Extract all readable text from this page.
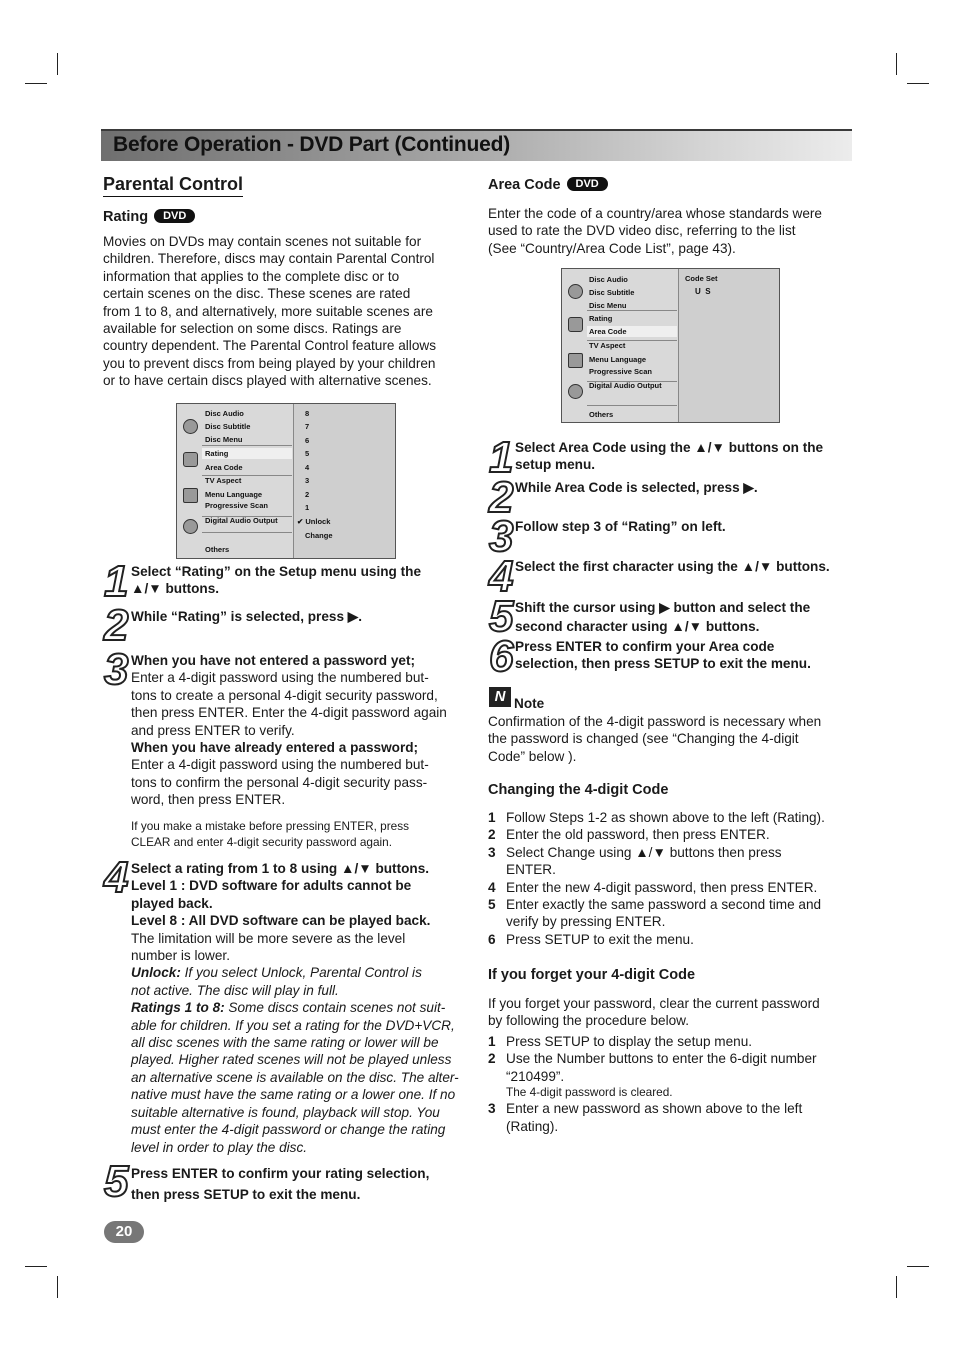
Before Operation - DVD Part (Continued)
Parental Control
Rating DVD
Movies on DVDs may contain scenes not suitable for
children. Therefore, discs may contain Parental Control
information that applies to the complete disc or to
certain scenes on the disc. These scenes are rated
from 1 to 8, and alternatively, more suitable scenes are
available for selection on some discs. Ratings are
country dependent. The Parental Control feature allows
you to prevent discs from being played by your children
or to have certain discs played with alternative scenes.
Disc Audio
Disc Subtitle
Disc Menu
Rating
Area Code
TV Aspect
Menu Language
Progressive Scan
Digital Audio Output
Others
8
7
6
5
4
3
2
1
✔ Unlock
Change
1 Select “Rating” on the Setup menu using the
▲/▼ buttons.
2 While “Rating” is selected, press ▶.
3 When you have not entered a password yet;
Enter a 4-digit password using the numbered but-
tons to create a personal 4-digit security password,
then press ENTER. Enter the 4-digit password again
and press ENTER to verify.
When you have already entered a password;
Enter a 4-digit password using the numbered but-
tons to confirm the personal 4-digit security pass-
word, then press ENTER.
If you make a mistake before pressing ENTER, press
CLEAR and enter 4-digit security password again.
4 Select a rating from 1 to 8 using ▲/▼ buttons.
Level 1 : DVD software for adults cannot be
played back.
Level 8 : All DVD software can be played back.
The limitation will be more severe as the level
number is lower.
Unlock: If you select Unlock, Parental Control is
not active. The disc will play in full.
Ratings 1 to 8: Some discs contain scenes not suit-
able for children. If you set a rating for the DVD+VCR,
all disc scenes with the same rating or lower will be
played. Higher rated scenes will not be played unless
an alternative scene is available on the disc. The alter-
native must have the same rating or a lower one. If no
suitable alternative is found, playback will stop. You
must enter the 4-digit password or change the rating
level in order to play the disc.
5 Press ENTER to confirm your rating selection,
then press SETUP to exit the menu.
20
Area Code DVD
Enter the code of a country/area whose standards were
used to rate the DVD video disc, referring to the list
(See “Country/Area Code List”, page 43).
Disc Audio
Disc Subtitle
Disc Menu
Rating
Area Code
TV Aspect
Menu Language
Progressive Scan
Digital Audio Output
Others
Code Set
U  S
1 Select Area Code using the ▲/▼ buttons on the
setup menu.
2 While Area Code is selected, press ▶.
3 Follow step 3 of “Rating” on left.
4 Select the first character using the ▲/▼ buttons.
5 Shift the cursor using ▶ button and select the
second character using ▲/▼ buttons.
6 Press ENTER to confirm your Area code
selection, then press SETUP to exit the menu.
N Note
Confirmation of the 4-digit password is necessary when
the password is changed (see “Changing the 4-digit
Code” below ).
Changing the 4-digit Code
1 Follow Steps 1-2 as shown above to the left (Rating).
2 Enter the old password, then press ENTER.
3 Select Change using ▲/▼ buttons then press
ENTER.
4 Enter the new 4-digit password, then press ENTER.
5 Enter exactly the same password a second time and
verify by pressing ENTER.
6 Press SETUP to exit the menu.
If you forget your 4-digit Code
If you forget your password, clear the current password
by following the procedure below.
1 Press SETUP to display the setup menu.
2 Use the Number buttons to enter the 6-digit number
“210499”.
The 4-digit password is cleared.
3 Enter a new password as shown above to the left
(Rating).
